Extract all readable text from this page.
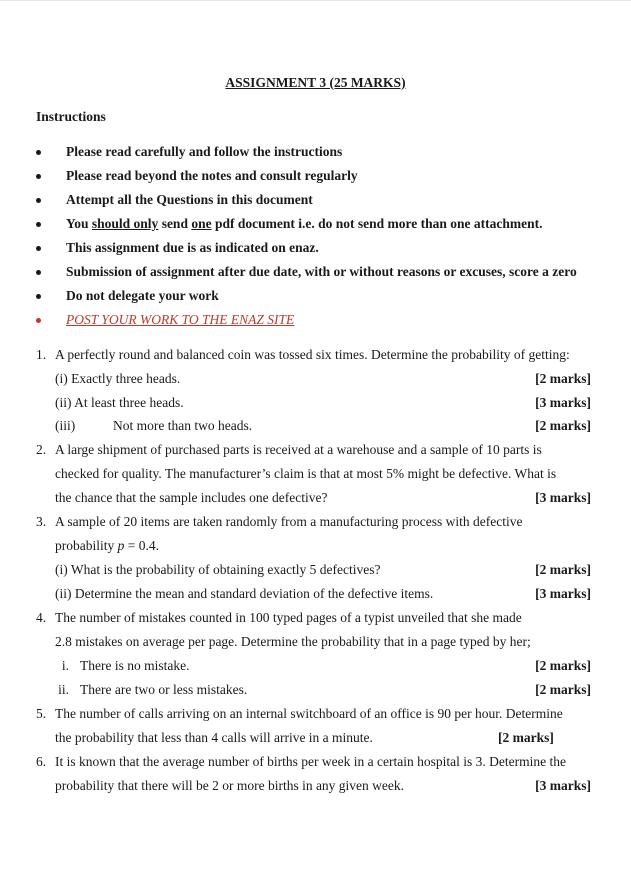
ASSIGNMENT 3 (25 MARKS)
Instructions
Please read carefully and follow the instructions
Please read beyond the notes and consult regularly
Attempt all the Questions in this document
You should only send one pdf document i.e. do not send more than one attachment.
This assignment due is as indicated on enaz.
Submission of assignment after due date, with or without reasons or excuses, score a zero
Do not delegate your work
POST YOUR WORK TO THE ENAZ SITE
1. A perfectly round and balanced coin was tossed six times. Determine the probability of getting:
(i) Exactly three heads.	[2 marks]
(ii) At least three heads.	[3 marks]
(iii)	Not more than two heads.	[2 marks]
2. A large shipment of purchased parts is received at a warehouse and a sample of 10 parts is
checked for quality. The manufacturer’s claim is that at most 5% might be defective. What is
the chance that the sample includes one defective?	[3 marks]
3. A sample of 20 items are taken randomly from a manufacturing process with defective
probability p = 0.4.
(i) What is the probability of obtaining exactly 5 defectives?	[2 marks]
(ii) Determine the mean and standard deviation of the defective items.	[3 marks]
4. The number of mistakes counted in 100 typed pages of a typist unveiled that she made
2.8 mistakes on average per page. Determine the probability that in a page typed by her;
i. There is no mistake.	[2 marks]
ii. There are two or less mistakes.	[2 marks]
5. The number of calls arriving on an internal switchboard of an office is 90 per hour. Determine
the probability that less than 4 calls will arrive in a minute.	[2 marks]
6. It is known that the average number of births per week in a certain hospital is 3. Determine the
probability that there will be 2 or more births in any given week.	[3 marks]
